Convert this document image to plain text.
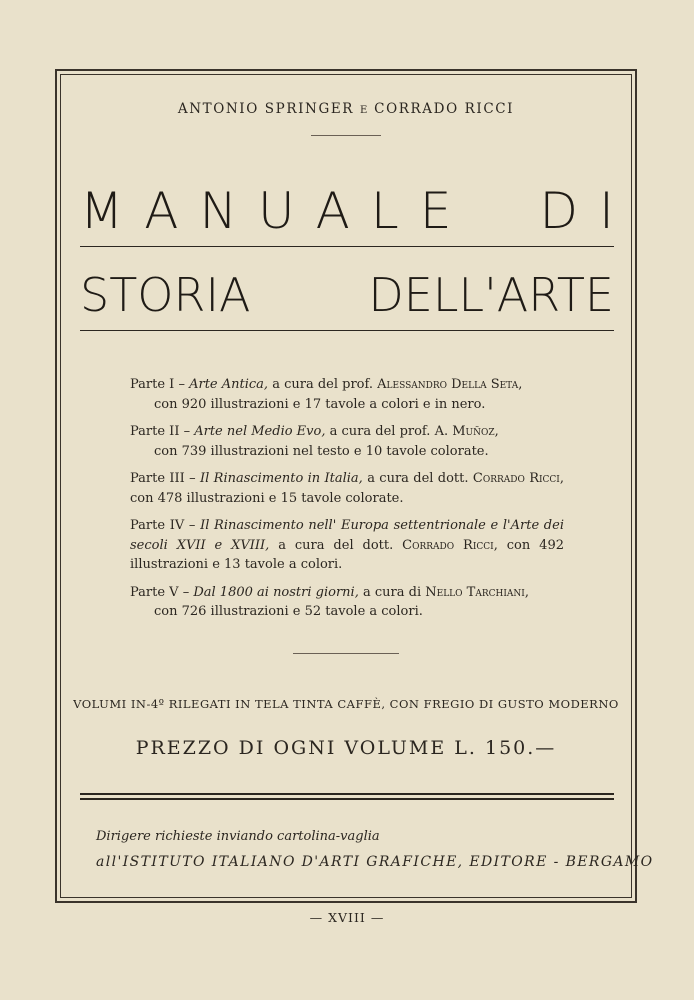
ANTONIO SPRINGER E CORRADO RICCI
M A N U A L E D I
STORIA	DELL'ARTE
Parte I – Arte Antica, a cura del prof. Alessandro Della Seta,
con 920 illustrazioni e 17 tavole a colori e in nero.
Parte II – Arte nel Medio Evo, a cura del prof. A. Muñoz,
con 739 illustrazioni nel testo e 10 tavole colorate.
Parte III – Il Rinascimento in Italia, a cura del dott. Corrado Ricci, con 478 illustrazioni e 15 tavole colorate.
Parte IV – Il Rinascimento nell' Europa settentrionale e l'Arte dei secoli XVII e XVIII, a cura del dott. Corrado Ricci, con 492 illustrazioni e 13 tavole a colori.
Parte V – Dal 1800 ai nostri giorni, a cura di Nello Tarchiani,
con 726 illustrazioni e 52 tavole a colori.
VOLUMI IN-4º RILEGATI IN TELA TINTA CAFFÈ, CON FREGIO DI GUSTO MODERNO
PREZZO DI OGNI VOLUME L. 150.—
Dirigere richieste inviando cartolina-vaglia
all'ISTITUTO ITALIANO D'ARTI GRAFICHE, EDITORE - BERGAMO
— XVIII —
